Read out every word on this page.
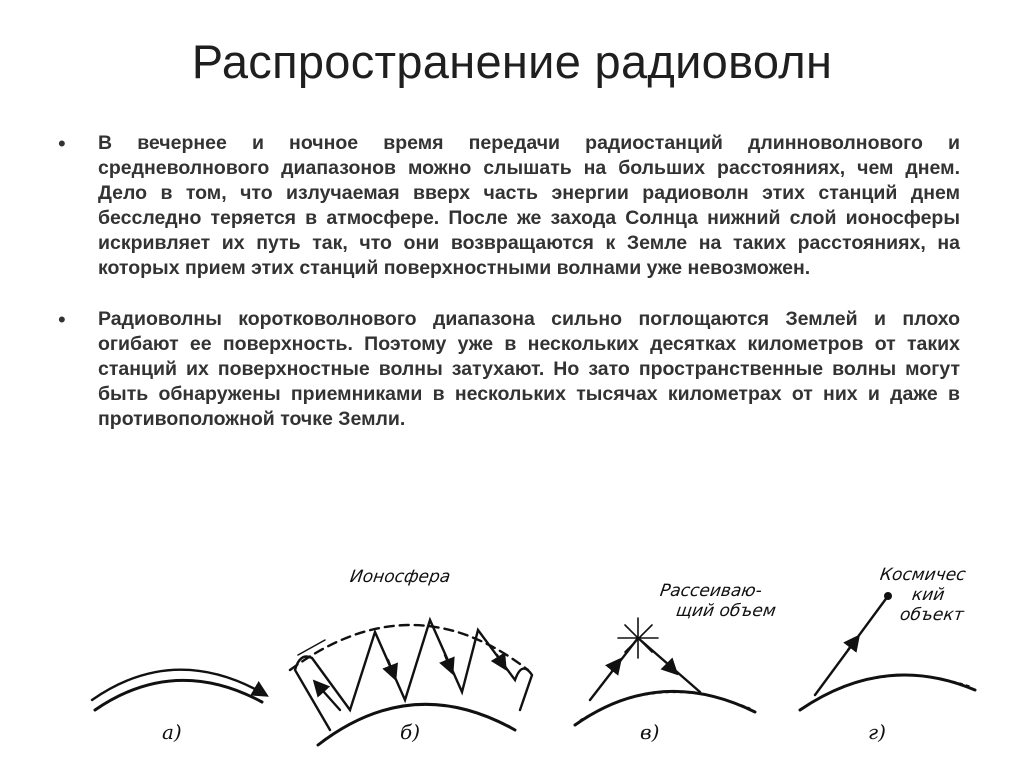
Распространение радиоволн
•	В вечернее и ночное время передачи радиостанций длинноволнового и средневолнового диапазонов можно слышать на больших расстояниях, чем днем. Дело в том, что излучаемая вверх часть энергии радиоволн этих станций днем бесследно теряется в атмосфере. После же захода Солнца нижний слой ионосферы искривляет их путь так, что они возвращаются к Земле на таких расстояниях, на которых прием этих станций поверхностными волнами уже невозможен.
•	Радиоволны коротковолнового диапазона сильно поглощаются Землей и плохо огибают ее поверхность. Поэтому уже в нескольких десятках километров от таких станций их поверхностные волны затухают. Но зато пространственные волны могут быть обнаружены приемниками в нескольких тысячах километрах от них и даже в противоположной точке Земли.
а)	б)	в)	г)
Ионосфера
Рассеиваю-
щий объем
Космичес
кий
объект
